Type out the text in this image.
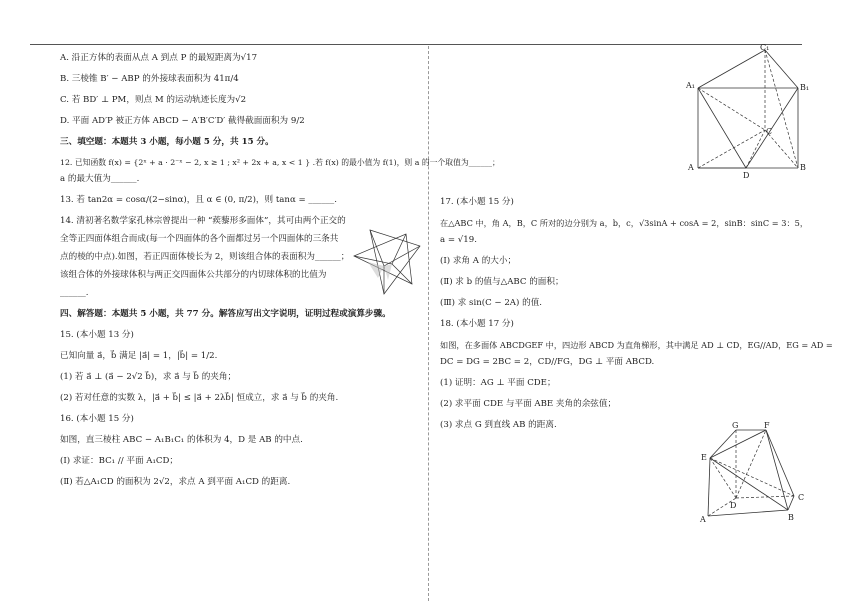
A. 沿正方体的表面从点 A 到点 P 的最短距离为√17
B. 三棱锥 B′ − ABP 的外接球表面积为 41π/4
C. 若 BD′ ⊥ PM，则点 M 的运动轨迹长度为√2
D. 平面 AD′P 被正方体 ABCD − A′B′C′D′ 截得截面面积为 9/2
三、填空题：本题共 3 小题，每小题 5 分，共 15 分。
12. 已知函数 f(x) = {2ˣ + a · 2⁻ˣ − 2, x ≥ 1 ; x² + 2x + a, x < 1 } .若 f(x) 的最小值为 f(1)，则 a 的一个取值为______；
a 的最大值为______.
13. 若 tan2α = cosα/(2−sinα)，且 α ∈ (0, π/2)，则 tanα = ______.
14. 清初著名数学家孔林宗曾提出一种 “蒺藜形多面体”，其可由两个正交的
全等正四面体组合而成(每一个四面体的各个面都过另一个四面体的三条共
点的棱的中点).如图，若正四面体棱长为 2，则该组合体的表面积为______；
该组合体的外接球体积与两正交四面体公共部分的内切球体积的比值为
______.
四、解答题：本题共 5 小题，共 77 分。解答应写出文字说明，证明过程或演算步骤。
15. (本小题 13 分)
已知向量 a⃗，b⃗ 满足 |a⃗| = 1，|b⃗| = 1/2.
(1) 若 a⃗ ⊥ (a⃗ − 2√2 b⃗)，求 a⃗ 与 b⃗ 的夹角；
(2) 若对任意的实数 λ，|a⃗ + b⃗| ≤ |a⃗ + 2λb⃗| 恒成立，求 a⃗ 与 b⃗ 的夹角.
16. (本小题 15 分)
如图，直三棱柱 ABC − A₁B₁C₁ 的体积为 4，D 是 AB 的中点.
(Ⅰ) 求证：BC₁ // 平面 A₁CD；
(Ⅱ) 若△A₁CD 的面积为 2√2，求点 A 到平面 A₁CD 的距离.
17. (本小题 15 分)
在△ABC 中，角 A，B，C 所对的边分别为 a，b，c，√3sinA + cosA = 2，sinB：sinC = 3：5，
a = √19.
(Ⅰ) 求角 A 的大小；
(Ⅱ) 求 b 的值与△ABC 的面积；
(Ⅲ) 求 sin(C − 2A) 的值.
18. (本小题 17 分)
如图，在多面体 ABCDGEF 中，四边形 ABCD 为直角梯形，其中满足 AD ⊥ CD，EG//AD，EG = AD =
DC = DG = 2BC = 2，CD//FG，DG ⊥ 平面 ABCD.
(1) 证明：AG ⊥ 平面 CDE；
(2) 求平面 CDE 与平面 ABE 夹角的余弦值；
(3) 求点 G 到直线 AB 的距离.
C₁
A₁	B₁
C
A
D
B
G	F
E
D
C
A	B
